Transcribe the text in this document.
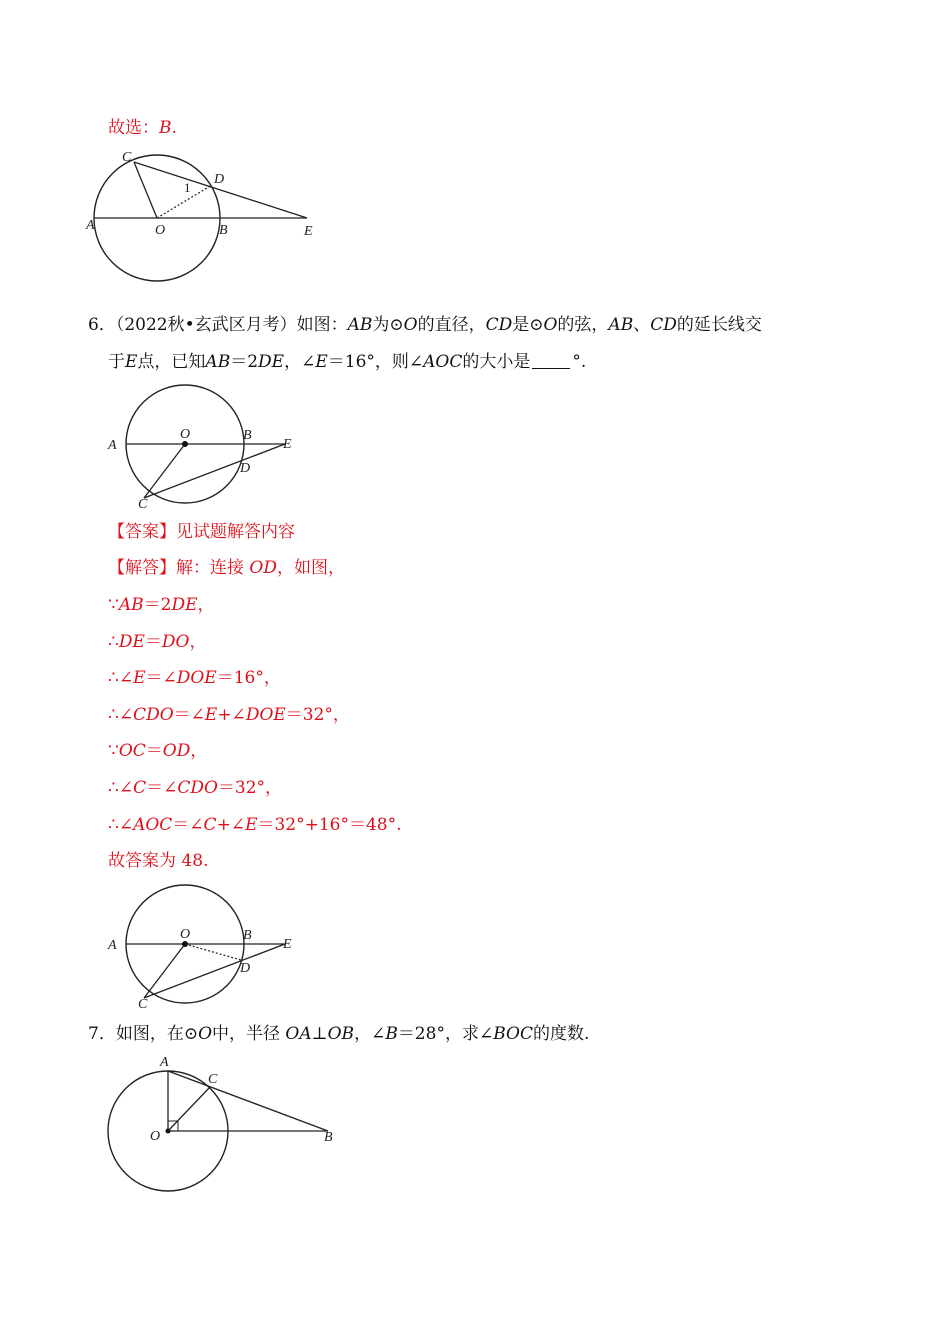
故选：B.
C
D
1
A	O	B	E
6．（2022秋•玄武区月考）如图：AB为⊙O的直径，CD是⊙O的弦，AB、CD的延长线交
于E点，已知AB＝2DE，∠E＝16°，则∠AOC的大小是 °.
A
O	B
E
D
C
【答案】见试题解答内容
【解答】解：连接 OD，如图，
∵AB＝2DE，
∴DE＝DO，
∴∠E＝∠DOE＝16°，
∴∠CDO＝∠E+∠DOE＝32°，
∵OC＝OD，
∴∠C＝∠CDO＝32°，
∴∠AOC＝∠C+∠E＝32°+16°＝48°.
故答案为 48.
A
O	B
E
D
C
7．如图，在⊙O中，半径 OA⊥OB，∠B＝28°，求∠BOC的度数.
A
C
O	B
